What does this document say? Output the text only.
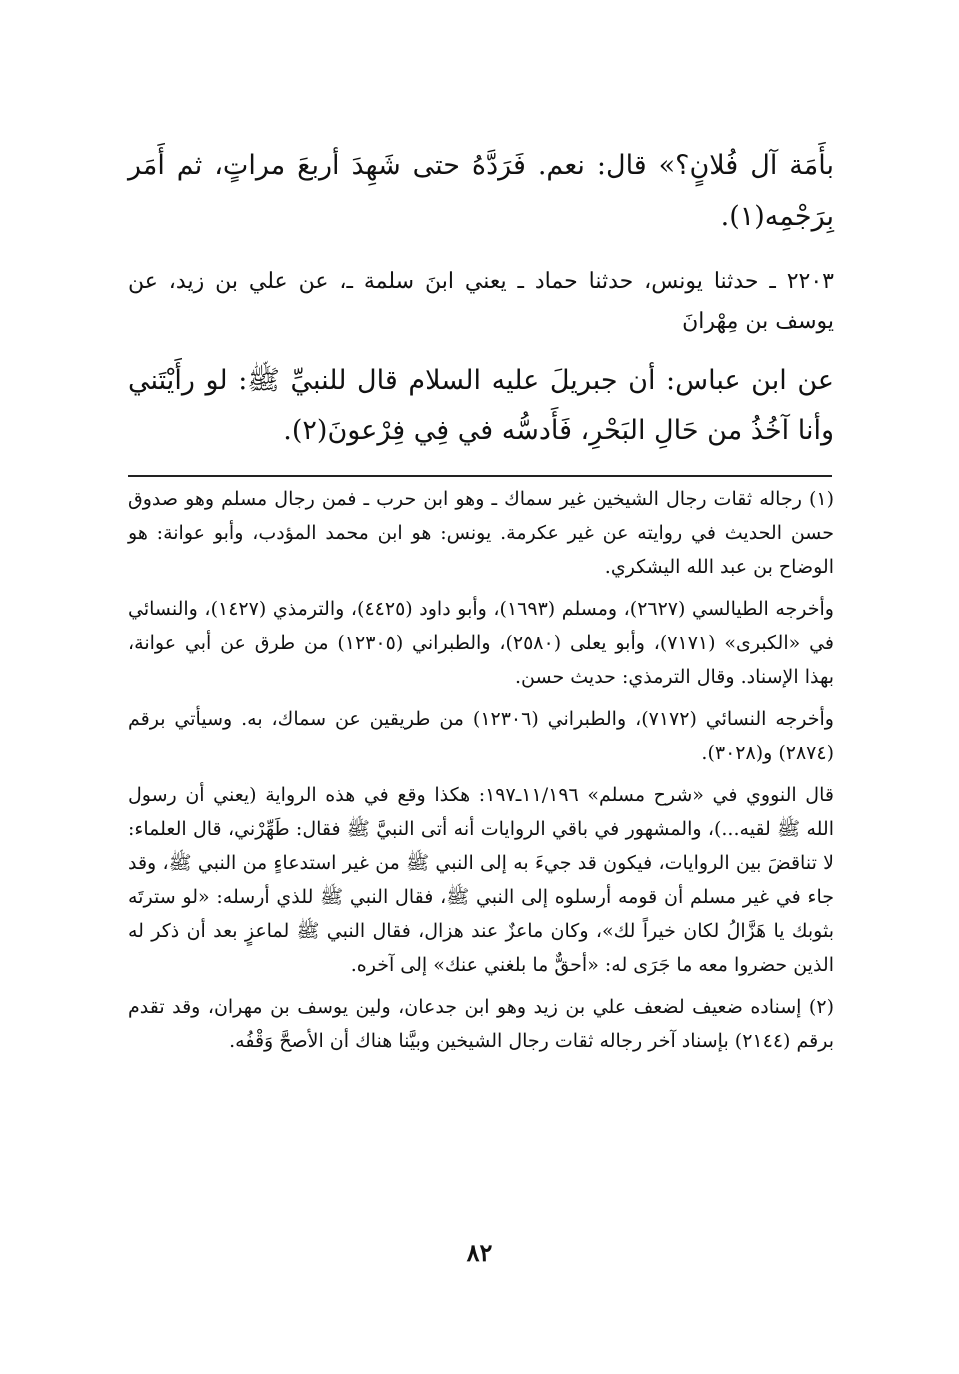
بأَمَة آل فُلانٍ؟» قال: نعم. فَرَدَّهُ حتى شَهِدَ أربعَ مراتٍ، ثم أَمَر بِرَجْمِه(١).

٢٢٠٣ ـ حدثنا يونس، حدثنا حماد ـ يعني ابنَ سلمة ـ، عن علي بن زيد، عن يوسف بن مِهْرانَ

عن ابن عباس: أن جبريلَ عليه السلام قال للنبيِّ ﷺ: لو رأَيْتَني وأنا آخُذُ من حَالِ البَحْرِ، فَأَدسُّه في فِي فِرْعونَ(٢).

(١) رجاله ثقات رجال الشيخين غير سماك ـ وهو ابن حرب ـ فمن رجال مسلم وهو صدوق حسن الحديث في روايته عن غير عكرمة. يونس: هو ابن محمد المؤدب، وأبو عوانة: هو الوضاح بن عبد الله اليشكري.

وأخرجه الطيالسي (٢٦٢٧)، ومسلم (١٦٩٣)، وأبو داود (٤٤٢٥)، والترمذي (١٤٢٧)، والنسائي في «الكبرى» (٧١٧١)، وأبو يعلى (٢٥٨٠)، والطبراني (١٢٣٠٥) من طرق عن أبي عوانة، بهذا الإسناد. وقال الترمذي: حديث حسن.

وأخرجه النسائي (٧١٧٢)، والطبراني (١٢٣٠٦) من طريقين عن سماك، به. وسيأتي برقم (٢٨٧٤) و(٣٠٢٨).

قال النووي في «شرح مسلم» ١١/١٩٦ـ١٩٧: هكذا وقع في هذه الرواية (يعني أن رسول الله ﷺ لقيه...)، والمشهور في باقي الروايات أنه أتى النبيَّ ﷺ فقال: طَهِّرْني، قال العلماء: لا تناقضَ بين الروايات، فيكون قد جيءَ به إلى النبي ﷺ من غير استدعاءٍ من النبي ﷺ، وقد جاء في غير مسلم أن قومه أرسلوه إلى النبي ﷺ، فقال النبي ﷺ للذي أرسله: «لو سترتَه بثوبك يا هَزَّالُ لكان خيراً لك»، وكان ماعزٌ عند هزال، فقال النبي ﷺ لماعزٍ بعد أن ذكر له الذين حضروا معه ما جَرَى له: «أحقٌّ ما بلغني عنك» إلى آخره.

(٢) إسناده ضعيف لضعف علي بن زيد وهو ابن جدعان، ولين يوسف بن مهران، وقد تقدم برقم (٢١٤٤) بإسناد آخر رجاله ثقات رجال الشيخين وبيَّنا هناك أن الأصحَّ وَقْفُه.

٨٢
